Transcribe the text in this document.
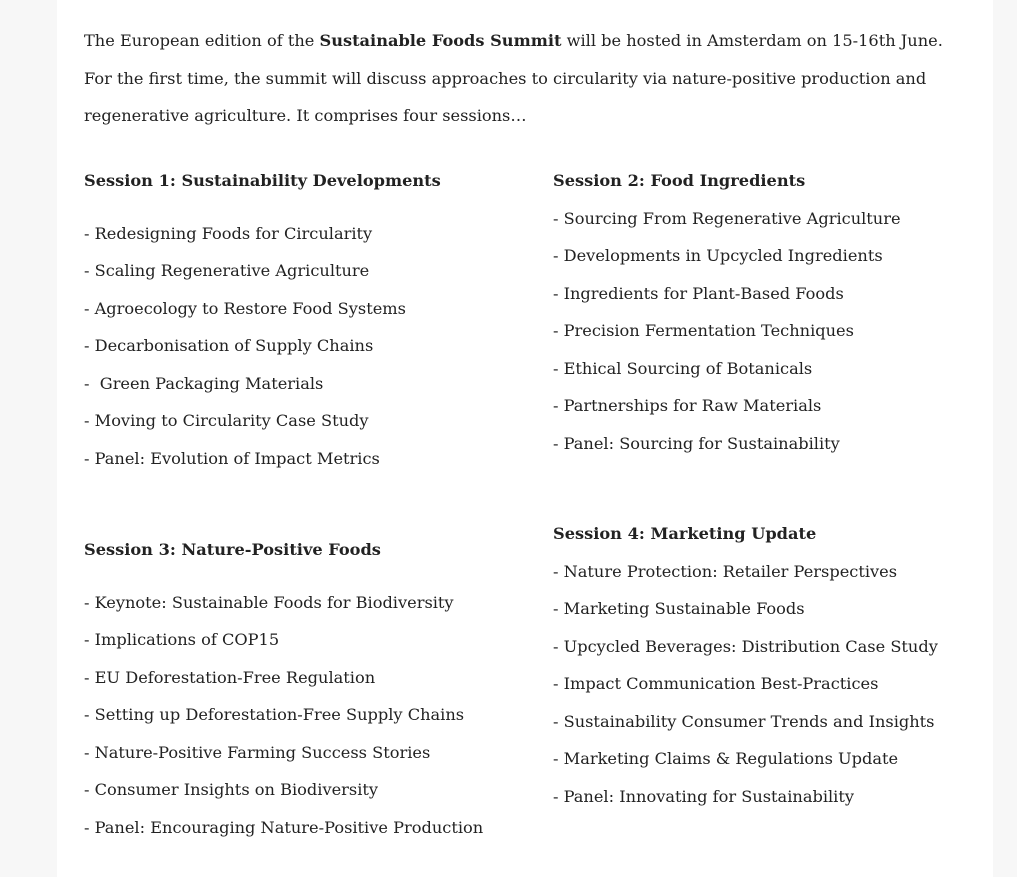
The European edition of the Sustainable Foods Summit will be hosted in Amsterdam on 15-16th June.

For the first time, the summit will discuss approaches to circularity via nature-positive production and

regenerative agriculture. It comprises four sessions…

Session 1: Sustainability Developments
- Redesigning Foods for Circularity
- Scaling Regenerative Agriculture
- Agroecology to Restore Food Systems
- Decarbonisation of Supply Chains
-  Green Packaging Materials
- Moving to Circularity Case Study
- Panel: Evolution of Impact Metrics
Session 2: Food Ingredients
- Sourcing From Regenerative Agriculture
- Developments in Upcycled Ingredients
- Ingredients for Plant-Based Foods
- Precision Fermentation Techniques
- Ethical Sourcing of Botanicals
- Partnerships for Raw Materials
- Panel: Sourcing for Sustainability
Session 3: Nature-Positive Foods
- Keynote: Sustainable Foods for Biodiversity
- Implications of COP15
- EU Deforestation-Free Regulation
- Setting up Deforestation-Free Supply Chains
- Nature-Positive Farming Success Stories
- Consumer Insights on Biodiversity
- Panel: Encouraging Nature-Positive Production
Session 4: Marketing Update
- Nature Protection: Retailer Perspectives
- Marketing Sustainable Foods
- Upcycled Beverages: Distribution Case Study
- Impact Communication Best-Practices
- Sustainability Consumer Trends and Insights
- Marketing Claims & Regulations Update
- Panel: Innovating for Sustainability
